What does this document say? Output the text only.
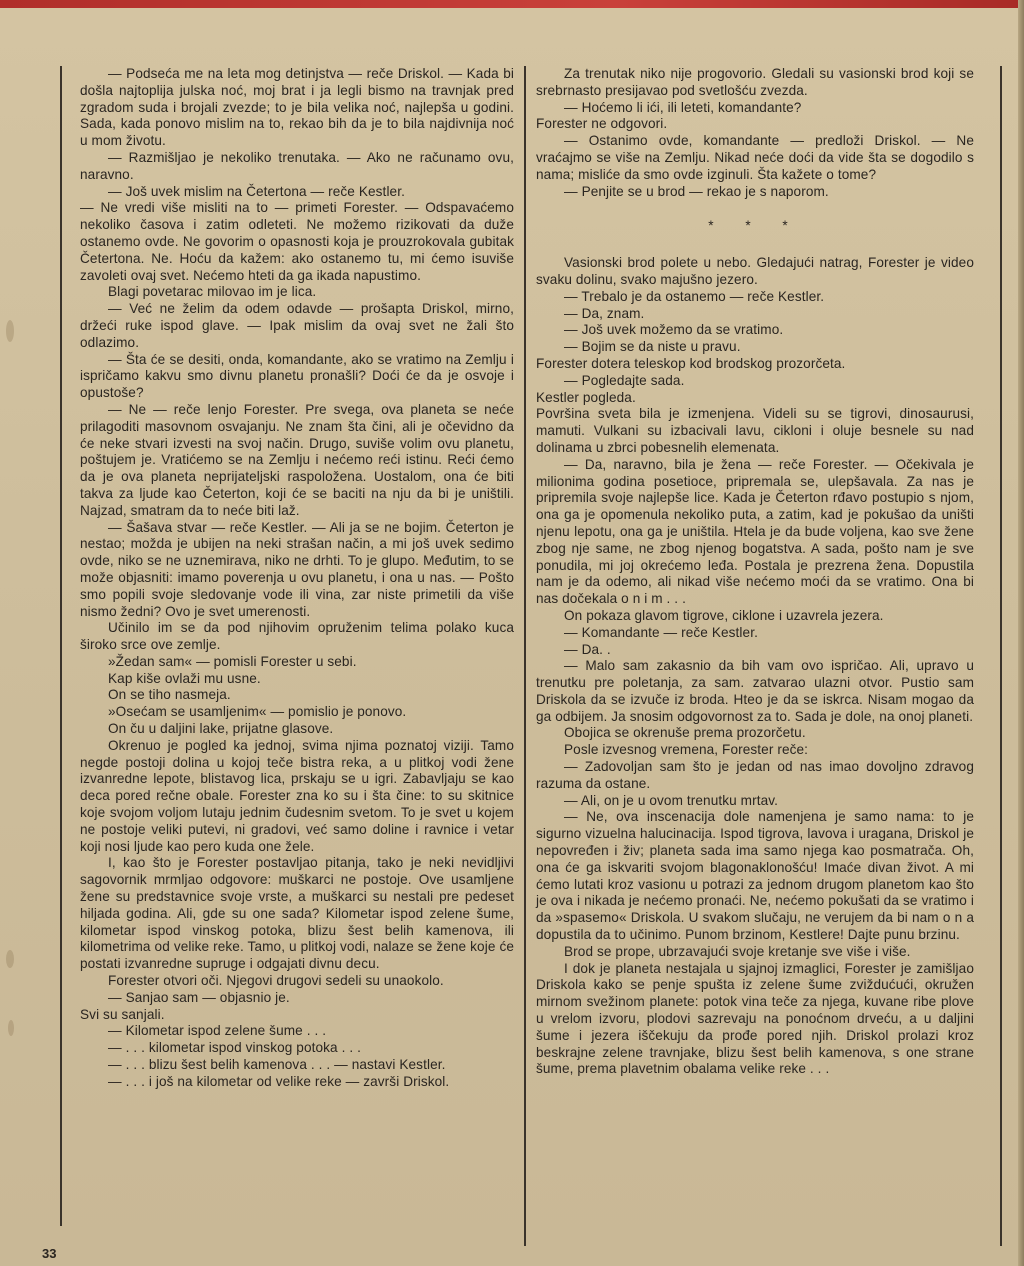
— Podseća me na leta mog detinjstva — reče Driskol. — Kada bi došla najtoplija julska noć, moj brat i ja legli bismo na travnjak pred zgradom suda i brojali zvezde; to je bila velika noć, najlepša u godini. Sada, kada ponovo mislim na to, rekao bih da je to bila najdivnija noć u mom životu.

— Razmišljao je nekoliko trenutaka. — Ako ne računamo ovu, naravno.

— Još uvek mislim na Četertona — reče Kestler.

— Ne vredi više misliti na to — primeti Forester. — Odspavaćemo nekoliko časova i zatim odleteti. Ne možemo rizikovati da duže ostanemo ovde. Ne govorim o opasnosti koja je prouzrokovala gubitak Četertona. Ne. Hoću da kažem: ako ostanemo tu, mi ćemo isuviše zavoleti ovaj svet. Nećemo hteti da ga ikada napustimo.

Blagi povetarac milovao im je lica.

— Već ne želim da odem odavde — prošapta Driskol, mirno, držeći ruke ispod glave. — Ipak mislim da ovaj svet ne žali što odlazimo.

— Šta će se desiti, onda, komandante, ako se vratimo na Zemlju i ispričamo kakvu smo divnu planetu pronašli? Doći će da je osvoje i opustoše?

— Ne — reče lenjo Forester. Pre svega, ova planeta se neće prilagoditi masovnom osvajanju. Ne znam šta čini, ali je očevidno da će neke stvari izvesti na svoj način. Drugo, suviše volim ovu planetu, poštujem je. Vratićemo se na Zemlju i nećemo reći istinu. Reći ćemo da je ova planeta neprijateljski raspoložena. Uostalom, ona će biti takva za ljude kao Četerton, koji će se baciti na nju da bi je uništili. Najzad, smatram da to neće biti laž.

— Šašava stvar — reče Kestler. — Ali ja se ne bojim. Četerton je nestao; možda je ubijen na neki strašan način, a mi još uvek sedimo ovde, niko se ne uznemirava, niko ne drhti. To je glupo. Međutim, to se može objasniti: imamo poverenja u ovu planetu, i ona u nas. — Pošto smo popili svoje sledovanje vode ili vina, zar niste primetili da više nismo žedni? Ovo je svet umerenosti.

Učinilo im se da pod njihovim opruženim telima polako kuca široko srce ove zemlje.

»Žedan sam« — pomisli Forester u sebi.

Kap kiše ovlaži mu usne.

On se tiho nasmeja.

»Osećam se usamljenim« — pomislio je ponovo.

On ču u daljini lake, prijatne glasove.

Okrenuo je pogled ka jednoj, svima njima poznatoj viziji. Tamo negde postoji dolina u kojoj teče bistra reka, a u plitkoj vodi žene izvanredne lepote, blistavog lica, prskaju se u igri. Zabavljaju se kao deca pored rečne obale. Forester zna ko su i šta čine: to su skitnice koje svojom voljom lutaju jednim čudesnim svetom. To je svet u kojem ne postoje veliki putevi, ni gradovi, već samo doline i ravnice i vetar koji nosi ljude kao pero kuda one žele.

I, kao što je Forester postavljao pitanja, tako je neki nevidljivi sagovornik mrmljao odgovore: muškarci ne postoje. Ove usamljene žene su predstavnice svoje vrste, a muškarci su nestali pre pedeset hiljada godina. Ali, gde su one sada? Kilometar ispod zelene šume, kilometar ispod vinskog potoka, blizu šest belih kamenova, ili kilometrima od velike reke. Tamo, u plitkoj vodi, nalaze se žene koje će postati izvanredne supruge i odgajati divnu decu.

Forester otvori oči. Njegovi drugovi sedeli su unaokolo.

— Sanjao sam — objasnio je.

Svi su sanjali.

— Kilometar ispod zelene šume . . .

— . . . kilometar ispod vinskog potoka . . .

— . . . blizu šest belih kamenova . . . — nastavi Kestler.

— . . . i još na kilometar od velike reke — završi Driskol.

Za trenutak niko nije progovorio. Gledali su vasionski brod koji se srebrnasto presijavao pod svetlošću zvezda.

— Hoćemo li ići, ili leteti, komandante?

Forester ne odgovori.

— Ostanimo ovde, komandante — predloži Driskol. — Ne vraćajmo se više na Zemlju. Nikad neće doći da vide šta se dogodilo s nama; misliće da smo ovde izginuli. Šta kažete o tome?

— Penjite se u brod — rekao je s naporom.

* * *

Vasionski brod polete u nebo. Gledajući natrag, Forester je video svaku dolinu, svako majušno jezero.

— Trebalo je da ostanemo — reče Kestler.

— Da, znam.

— Još uvek možemo da se vratimo.

— Bojim se da niste u pravu.

Forester dotera teleskop kod brodskog prozorčeta.

— Pogledajte sada.

Kestler pogleda.

Površina sveta bila je izmenjena. Videli su se tigrovi, dinosaurusi, mamuti. Vulkani su izbacivali lavu, cikloni i oluje besnele su nad dolinama u zbrci pobesnelih elemenata.

— Da, naravno, bila je žena — reče Forester. — Očekivala je milionima godina posetioce, pripremala se, ulepšavala. Za nas je pripremila svoje najlepše lice. Kada je Četerton rđavo postupio s njom, ona ga je opomenula nekoliko puta, a zatim, kad je pokušao da uništi njenu lepotu, ona ga je uništila. Htela je da bude voljena, kao sve žene zbog nje same, ne zbog njenog bogatstva. A sada, pošto nam je sve ponudila, mi joj okrećemo leđa. Postala je prezrena žena. Dopustila nam je da odemo, ali nikad više nećemo moći da se vratimo. Ona bi nas dočekala o n i m . . .

On pokaza glavom tigrove, ciklone i uzavrela jezera.

— Komandante — reče Kestler.

— Da. .

— Malo sam zakasnio da bih vam ovo ispričao. Ali, upravo u trenutku pre poletanja, za sam. zatvarao ulazni otvor. Pustio sam Driskola da se izvuče iz broda. Hteo je da se iskrca. Nisam mogao da ga odbijem. Ja snosim odgovornost za to. Sada je dole, na onoj planeti.

Obojica se okrenuše prema prozorčetu.

Posle izvesnog vremena, Forester reče:

— Zadovoljan sam što je jedan od nas imao dovoljno zdravog razuma da ostane.

— Ali, on je u ovom trenutku mrtav.

— Ne, ova inscenacija dole namenjena je samo nama: to je sigurno vizuelna halucinacija. Ispod tigrova, lavova i uragana, Driskol je nepovređen i živ; planeta sada ima samo njega kao posmatrača. Oh, ona će ga iskvariti svojom blagonaklonošću! Imaće divan život. A mi ćemo lutati kroz vasionu u potrazi za jednom drugom planetom kao što je ova i nikada je nećemo pronaći. Ne, nećemo pokušati da se vratimo i da »spasemo« Driskola. U svakom slučaju, ne verujem da bi nam o n a dopustila da to učinimo. Punom brzinom, Kestlere! Dajte punu brzinu.

Brod se prope, ubrzavajući svoje kretanje sve više i više.

I dok je planeta nestajala u sjajnoj izmaglici, Forester je zamišljao Driskola kako se penje spušta iz zelene šume zviždućući, okružen mirnom svežinom planete: potok vina teče za njega, kuvane ribe plove u vrelom izvoru, plodovi sazrevaju na ponoćnom drveću, a u daljini šume i jezera iščekuju da prođe pored njih. Driskol prolazi kroz beskrajne zelene travnjake, blizu šest belih kamenova, s one strane šume, prema plavetnim obalama velike reke . . .

33
